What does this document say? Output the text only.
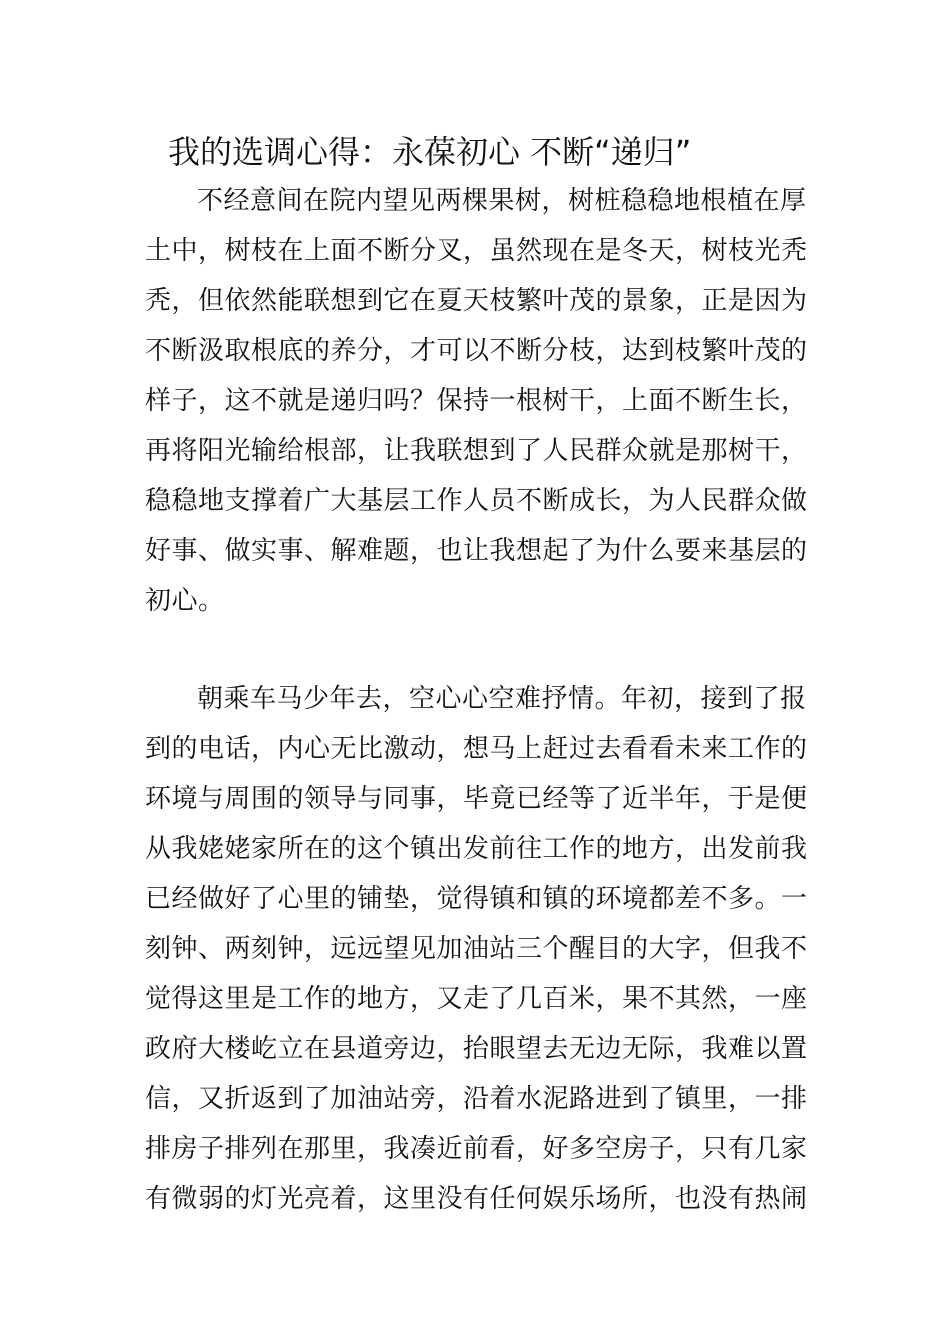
我的选调心得：永葆初心 不断“递归”
不经意间在院内望见两棵果树，树桩稳稳地根植在厚
土中，树枝在上面不断分叉，虽然现在是冬天，树枝光秃
秃，但依然能联想到它在夏天枝繁叶茂的景象，正是因为
不断汲取根底的养分，才可以不断分枝，达到枝繁叶茂的
样子，这不就是递归吗？保持一根树干，上面不断生长，
再将阳光输给根部，让我联想到了人民群众就是那树干，
稳稳地支撑着广大基层工作人员不断成长，为人民群众做
好事、做实事、解难题，也让我想起了为什么要来基层的
初心。
朝乘车马少年去，空心心空难抒情。年初，接到了报
到的电话，内心无比激动，想马上赶过去看看未来工作的
环境与周围的领导与同事，毕竟已经等了近半年，于是便
从我姥姥家所在的这个镇出发前往工作的地方，出发前我
已经做好了心里的铺垫，觉得镇和镇的环境都差不多。一
刻钟、两刻钟，远远望见加油站三个醒目的大字，但我不
觉得这里是工作的地方，又走了几百米，果不其然，一座
政府大楼屹立在县道旁边，抬眼望去无边无际，我难以置
信，又折返到了加油站旁，沿着水泥路进到了镇里，一排
排房子排列在那里，我凑近前看，好多空房子，只有几家
有微弱的灯光亮着，这里没有任何娱乐场所，也没有热闹
